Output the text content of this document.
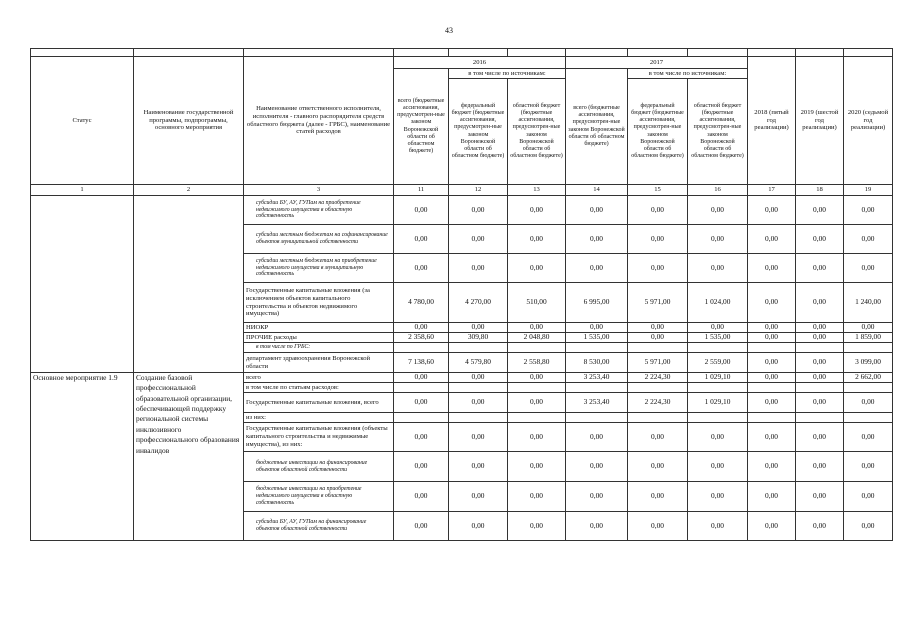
43

Статус	Наименование государственной программы, подпрограммы, основного мероприятия	Наименование ответственного исполнителя, исполнителя - главного распорядителя средств областного бюджета (далее - ГРБС), наименование статей расходов	2016			2017			2018 (пятый год реализации)	2019 (шестой год реализации)	2020 (седьмой год реализации)
			всего (бюджетные ассигнования, предусмотрен-ные законом Воронежской области об областном бюджете)	в том числе по источникам:		всего (бюджетные ассигнования, предусмотрен-ные законом Воронежской области об областном бюджете)	в том числе по источникам:				
				федеральный бюджет (бюджетные ассигнования, предусмотрен-ные законом Воронежской области об областном бюджете)	областной бюджет (бюджетные ассигнования, предусмотрен-ные законом Воронежской области об областном бюджете)		федеральный бюджет (бюджетные ассигнования, предусмотрен-ные законом Воронежской области об областном бюджете)	областной бюджет (бюджетные ассигнования, предусмотрен-ные законом Воронежской области об областном бюджете)			
1	2	3	11	12	13	14	15	16	17	18	19
		субсидии БУ, АУ, ГУПам на приобретение недвижимого имущества в областную собственность	0,00	0,00	0,00	0,00	0,00	0,00	0,00	0,00	0,00
		субсидии местным бюджетам на софинансирование объектов муниципальной собственности	0,00	0,00	0,00	0,00	0,00	0,00	0,00	0,00	0,00
		субсидии местным бюджетам на приобретение недвижимого имущества в муниципальную собственность	0,00	0,00	0,00	0,00	0,00	0,00	0,00	0,00	0,00
		Государственные капитальные вложения (за исключением объектов капитального строительства и объектов недвижимого имущества)	4 780,00	4 270,00	510,00	6 995,00	5 971,00	1 024,00	0,00	0,00	1 240,00
		НИОКР	0,00	0,00	0,00	0,00	0,00	0,00	0,00	0,00	0,00
		ПРОЧИЕ расходы	2 358,60	309,80	2 048,80	1 535,00	0,00	1 535,00	0,00	0,00	1 859,00
		в том числе по ГРБС:									
		департамент здравоохранения Воронежской области	7 138,60	4 579,80	2 558,80	8 530,00	5 971,00	2 559,00	0,00	0,00	3 099,00
Основное мероприятие 1.9	Создание базовой профессиональной образовательной организации, обеспечивающей поддержку региональной системы инклюзивного профессионального образования инвалидов	всего	0,00	0,00	0,00	3 253,40	2 224,30	1 029,10	0,00	0,00	2 662,00
		в том числе по статьям расходов:									
		Государственные капитальные вложения, всего	0,00	0,00	0,00	3 253,40	2 224,30	1 029,10	0,00	0,00	0,00
		из них:									
		Государственные капитальные вложения (объекты капитального строительства и недвижимые имущества), из них:	0,00	0,00	0,00	0,00	0,00	0,00	0,00	0,00	0,00
		бюджетные инвестиции на финансирование объектов областной собственности	0,00	0,00	0,00	0,00	0,00	0,00	0,00	0,00	0,00
		бюджетные инвестиции на приобретение недвижимого имущества в областную собственность	0,00	0,00	0,00	0,00	0,00	0,00	0,00	0,00	0,00
		субсидии БУ, АУ, ГУПам на финансирование объектов областной собственности	0,00	0,00	0,00	0,00	0,00	0,00	0,00	0,00	0,00
